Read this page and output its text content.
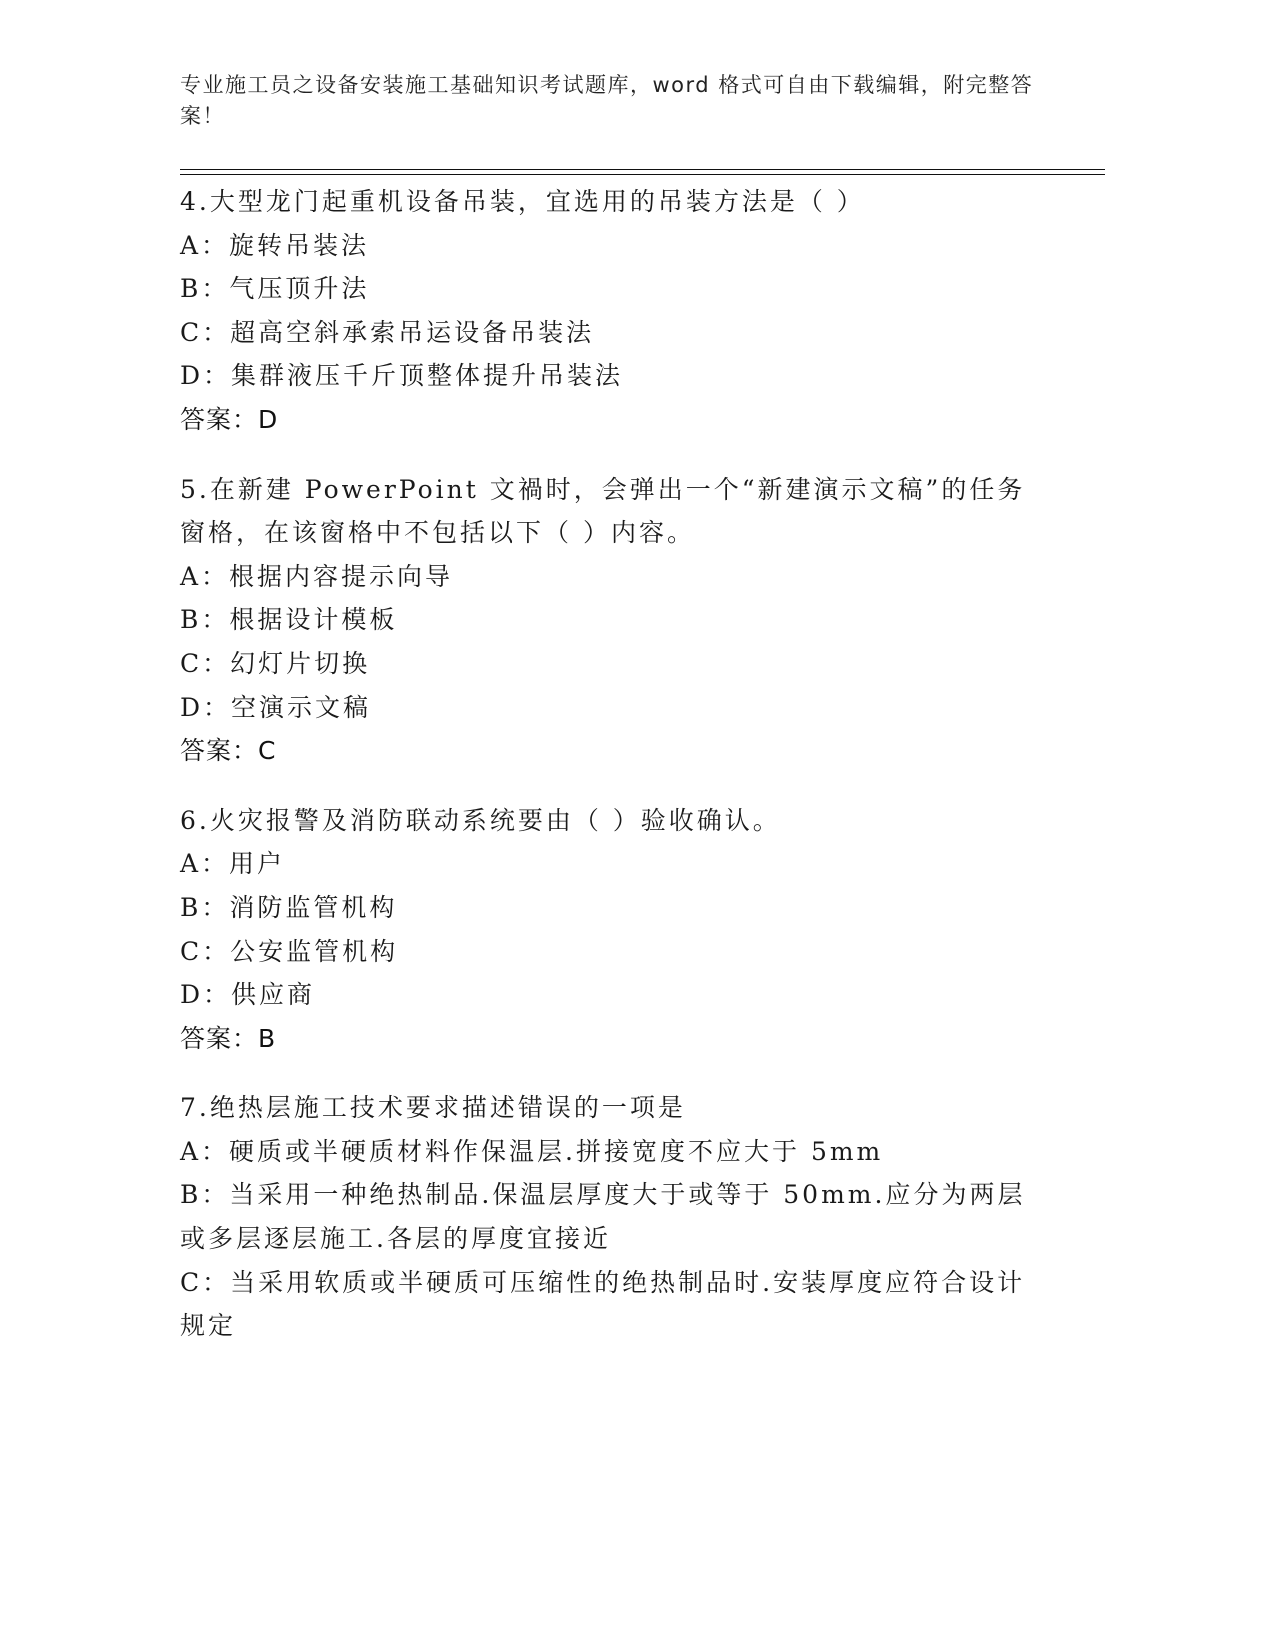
专业施工员之设备安装施工基础知识考试题库，word 格式可自由下载编辑，附完整答案！
4.大型龙门起重机设备吊装，宜选用的吊装方法是（ ）
A：旋转吊装法
B：气压顶升法
C：超高空斜承索吊运设备吊装法
D：集群液压千斤顶整体提升吊装法
答案：D
5.在新建 PowerPoint 文禍时，会弹出一个“新建演示文稿”的任务窗格，在该窗格中不包括以下（ ）内容。
A：根据内容提示向导
B：根据设计模板
C：幻灯片切换
D：空演示文稿
答案：C
6.火灾报警及消防联动系统要由（ ）验收确认。
A：用户
B：消防监管机构
C：公安监管机构
D：供应商
答案：B
7.绝热层施工技术要求描述错误的一项是
A：硬质或半硬质材料作保温层.拼接宽度不应大于 5mm
B：当采用一种绝热制品.保温层厚度大于或等于 50mm.应分为两层或多层逐层施工.各层的厚度宜接近
C：当采用软质或半硬质可压缩性的绝热制品时.安装厚度应符合设计规定
